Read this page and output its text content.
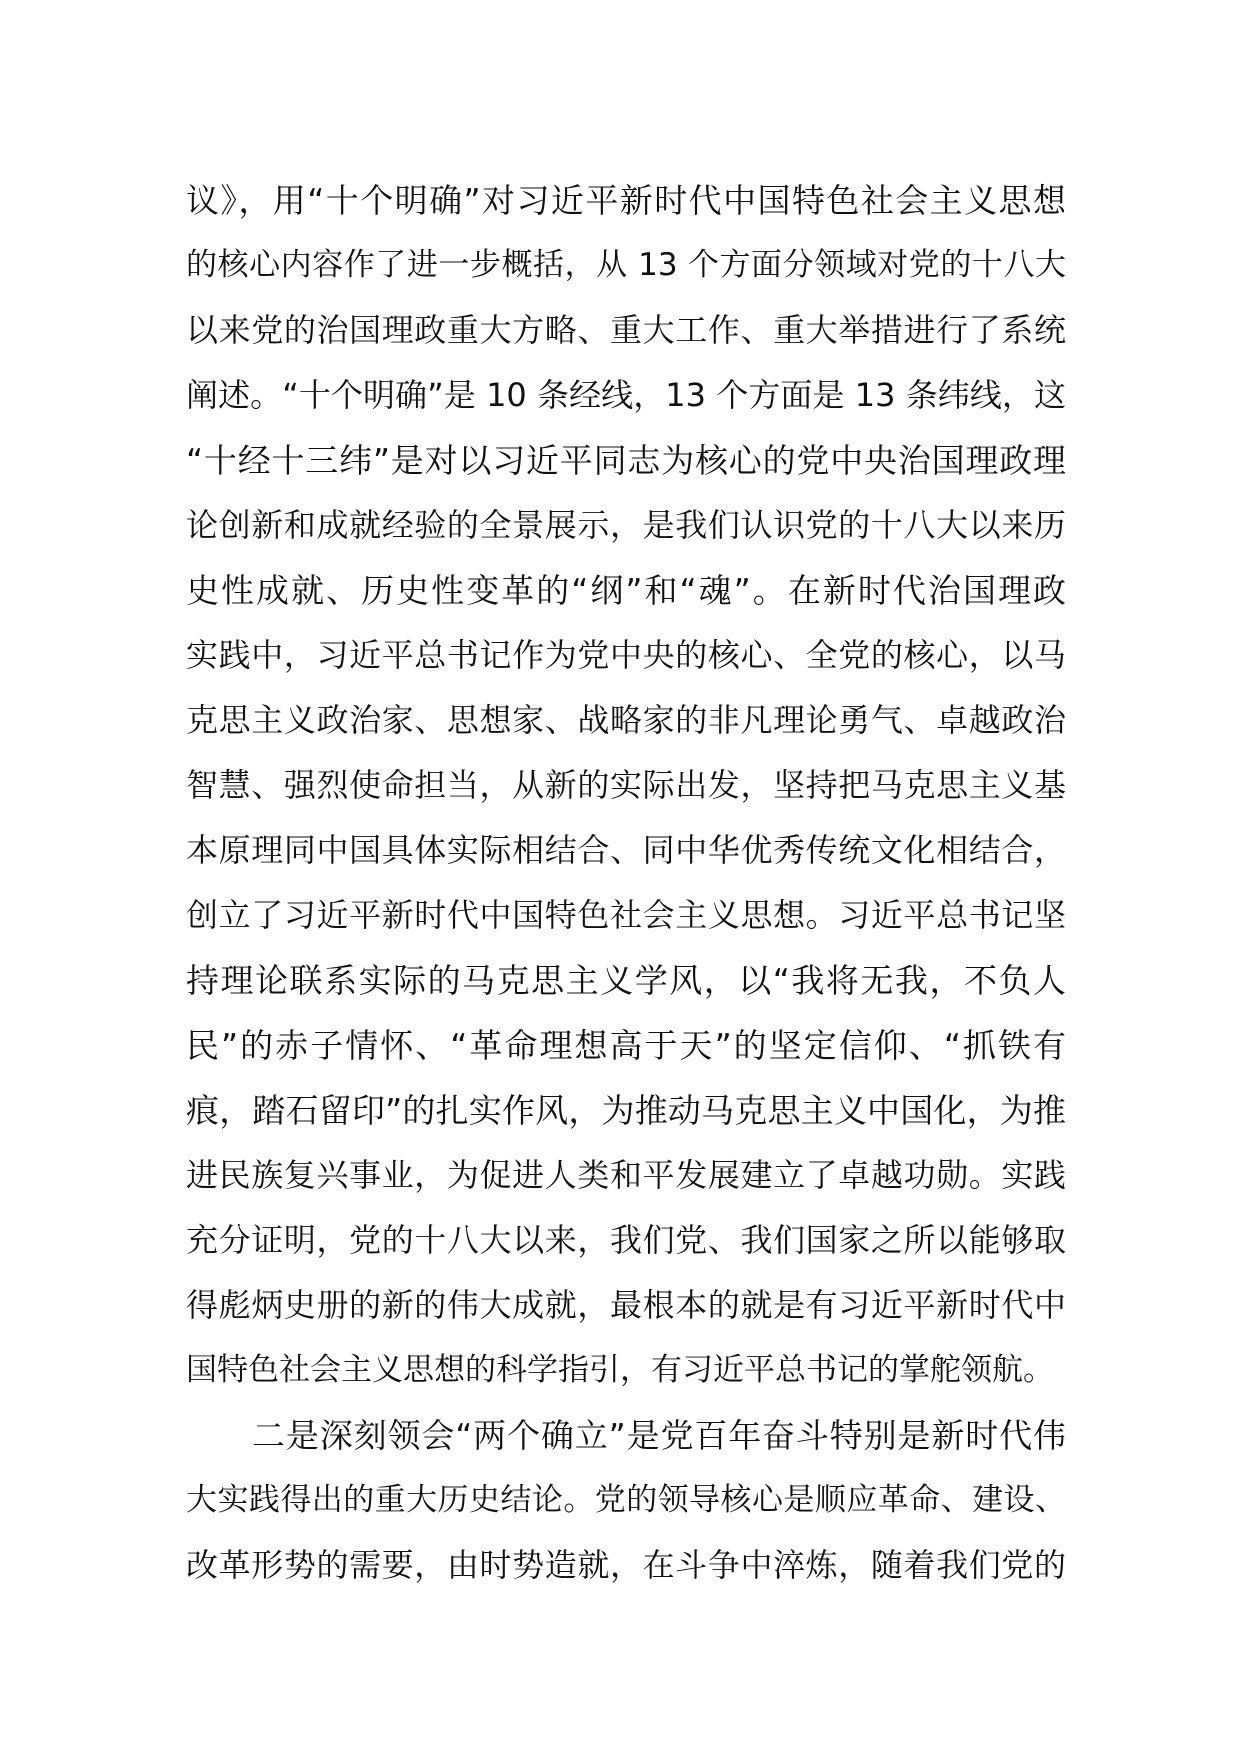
议》，用“十个明确”对习近平新时代中国特色社会主义思想
的核心内容作了进一步概括，从 13 个方面分领域对党的十八大
以来党的治国理政重大方略、重大工作、重大举措进行了系统
阐述。“十个明确”是 10 条经线，13 个方面是 13 条纬线，这
“十经十三纬”是对以习近平同志为核心的党中央治国理政理
论创新和成就经验的全景展示，是我们认识党的十八大以来历
史性成就、历史性变革的“纲”和“魂”。在新时代治国理政
实践中，习近平总书记作为党中央的核心、全党的核心，以马
克思主义政治家、思想家、战略家的非凡理论勇气、卓越政治
智慧、强烈使命担当，从新的实际出发，坚持把马克思主义基
本原理同中国具体实际相结合、同中华优秀传统文化相结合，
创立了习近平新时代中国特色社会主义思想。习近平总书记坚
持理论联系实际的马克思主义学风，以“我将无我，不负人
民”的赤子情怀、“革命理想高于天”的坚定信仰、“抓铁有
痕，踏石留印”的扎实作风，为推动马克思主义中国化，为推
进民族复兴事业，为促进人类和平发展建立了卓越功勋。实践
充分证明，党的十八大以来，我们党、我们国家之所以能够取
得彪炳史册的新的伟大成就，最根本的就是有习近平新时代中
国特色社会主义思想的科学指引，有习近平总书记的掌舵领航。
二是深刻领会“两个确立”是党百年奋斗特别是新时代伟
大实践得出的重大历史结论。党的领导核心是顺应革命、建设、
改革形势的需要，由时势造就，在斗争中淬炼，随着我们党的
